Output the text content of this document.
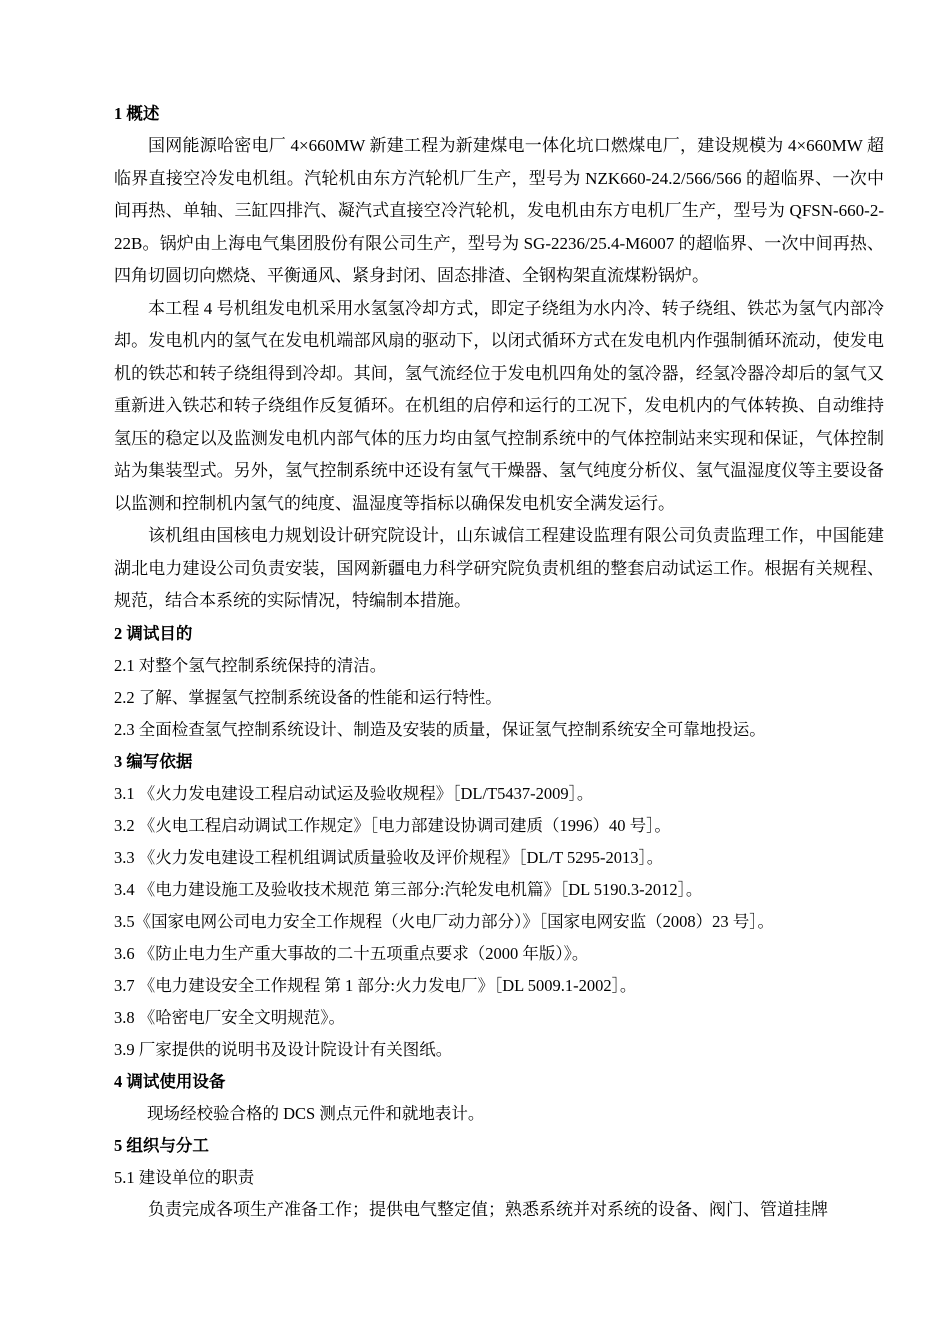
1 概述

国网能源哈密电厂 4×660MW 新建工程为新建煤电一体化坑口燃煤电厂，建设规模为 4×660MW 超临界直接空冷发电机组。汽轮机由东方汽轮机厂生产，型号为 NZK660-24.2/566/566 的超临界、一次中间再热、单轴、三缸四排汽、凝汽式直接空冷汽轮机，发电机由东方电机厂生产，型号为 QFSN-660-2-22B。锅炉由上海电气集团股份有限公司生产，型号为 SG-2236/25.4-M6007 的超临界、一次中间再热、四角切圆切向燃烧、平衡通风、紧身封闭、固态排渣、全钢构架直流煤粉锅炉。

本工程 4 号机组发电机采用水氢氢冷却方式，即定子绕组为水内冷、转子绕组、铁芯为氢气内部冷却。发电机内的氢气在发电机端部风扇的驱动下，以闭式循环方式在发电机内作强制循环流动，使发电机的铁芯和转子绕组得到冷却。其间，氢气流经位于发电机四角处的氢冷器，经氢冷器冷却后的氢气又重新进入铁芯和转子绕组作反复循环。在机组的启停和运行的工况下，发电机内的气体转换、自动维持氢压的稳定以及监测发电机内部气体的压力均由氢气控制系统中的气体控制站来实现和保证，气体控制站为集装型式。另外，氢气控制系统中还设有氢气干燥器、氢气纯度分析仪、氢气温湿度仪等主要设备以监测和控制机内氢气的纯度、温湿度等指标以确保发电机安全满发运行。

该机组由国核电力规划设计研究院设计，山东诚信工程建设监理有限公司负责监理工作，中国能建湖北电力建设公司负责安装，国网新疆电力科学研究院负责机组的整套启动试运工作。根据有关规程、规范，结合本系统的实际情况，特编制本措施。

2 调试目的
2.1 对整个氢气控制系统保持的清洁。
2.2 了解、掌握氢气控制系统设备的性能和运行特性。
2.3 全面检查氢气控制系统设计、制造及安装的质量，保证氢气控制系统安全可靠地投运。
3 编写依据
3.1 《火力发电建设工程启动试运及验收规程》［DL/T5437-2009］。
3.2 《火电工程启动调试工作规定》［电力部建设协调司建质（1996）40 号］。
3.3 《火力发电建设工程机组调试质量验收及评价规程》［DL/T 5295-2013］。
3.4 《电力建设施工及验收技术规范 第三部分:汽轮发电机篇》［DL 5190.3-2012］。
3.5《国家电网公司电力安全工作规程（火电厂动力部分）》［国家电网安监（2008）23 号］。
3.6 《防止电力生产重大事故的二十五项重点要求（2000 年版）》。
3.7 《电力建设安全工作规程 第 1 部分:火力发电厂》［DL 5009.1-2002］。
3.8 《哈密电厂安全文明规范》。
3.9 厂家提供的说明书及设计院设计有关图纸。
4 调试使用设备
现场经校验合格的 DCS 测点元件和就地表计。
5 组织与分工
5.1 建设单位的职责

负责完成各项生产准备工作；提供电气整定值；熟悉系统并对系统的设备、阀门、管道挂牌
